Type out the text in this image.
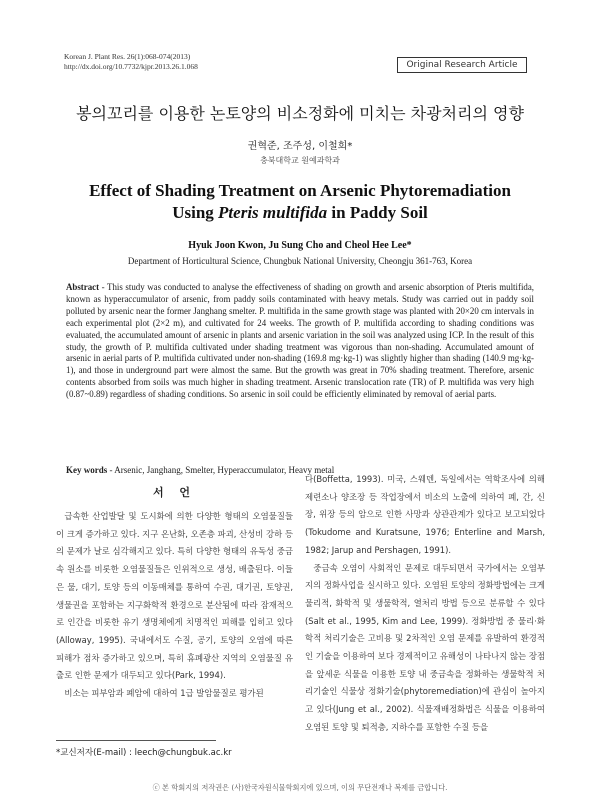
Korean J. Plant Res. 26(1):068-074(2013)
http://dx.doi.org/10.7732/kjpr.2013.26.1.068	Original Research Article
봉의꼬리를 이용한 논토양의 비소정화에 미치는 차광처리의 영향
권혁준, 조주성, 이철희*
충북대학교 원예과학과
Effect of Shading Treatment on Arsenic Phytoremadiation
Using Pteris multifida in Paddy Soil
Hyuk Joon Kwon, Ju Sung Cho and Cheol Hee Lee*
Department of Horticultural Science, Chungbuk National University, Cheongju 361-763, Korea
Abstract - This study was conducted to analyse the effectiveness of shading on growth and arsenic absorption of Pteris multifida, known as hyperaccumulator of arsenic, from paddy soils contaminated with heavy metals. Study was carried out in paddy soil polluted by arsenic near the former Janghang smelter. P. multifida in the same growth stage was planted with 20×20 cm intervals in each experimental plot (2×2 m), and cultivated for 24 weeks. The growth of P. multifida according to shading conditions was evaluated, the accumulated amount of arsenic in plants and arsenic variation in the soil was analyzed using ICP. In the result of this study, the growth of P. multifida cultivated under shading treatment was vigorous than non-shading. Accumulated amount of arsenic in aerial parts of P. multifida cultivated under non-shading (169.8 mg·kg-1) was slightly higher than shading (140.9 mg·kg-1), and those in underground part were almost the same. But the growth was great in 70% shading treatment. Therefore, arsenic contents absorbed from soils was much higher in shading treatment. Arsenic translocation rate (TR) of P. multifida was very high (0.87~0.89) regardless of shading conditions. So arsenic in soil could be efficiently eliminated by removal of aerial parts.
Key words - Arsenic, Janghang, Smelter, Hyperaccumulator, Heavy metal
서 언

급속한 산업발달 및 도시화에 의한 다양한 형태의 오염물질들이 크게 증가하고 있다. 지구 온난화, 오존층 파괴, 산성비 강하 등의 문제가 날로 심각해지고 있다. 특히 다양한 형태의 유독성 중금속 원소를 비롯한 오염물질들은 인위적으로 생성, 배출된다. 이들은 물, 대기, 토양 등의 이동매체를 통하여 수권, 대기권, 토양권, 생물권을 포함하는 지구화학적 환경으로 분산됨에 따라 잠재적으로 인간을 비롯한 유기 생명체에게 치명적인 피해를 입히고 있다(Alloway, 1995). 국내에서도 수질, 공기, 토양의 오염에 따른 피해가 점차 증가하고 있으며, 특히 휴폐광산 지역의 오염물질 유출로 인한 문제가 대두되고 있다(Park, 1994).

비소는 피부암과 폐암에 대하여 1급 발암물질로 평가된

다(Boffetta, 1993). 미국, 스웨덴, 독일에서는 역학조사에 의해 제련소나 양조장 등 작업장에서 비소의 노출에 의하여 폐, 간, 신장, 위장 등의 암으로 인한 사망과 상관관계가 있다고 보고되었다(Tokudome and Kuratsune, 1976; Enterline and Marsh, 1982; Jarup and Pershagen, 1991).

중금속 오염이 사회적인 문제로 대두되면서 국가에서는 오염부지의 정화사업을 실시하고 있다. 오염된 토양의 정화방법에는 크게 물리적, 화학적 및 생물학적, 열처리 방법 등으로 분류할 수 있다(Salt et al., 1995, Kim and Lee, 1999). 정화방법 중 물리·화학적 처리기술은 고비용 및 2차적인 오염 문제를 유발하여 환경적인 기술을 이용하여 보다 경제적이고 유해성이 나타나지 않는 장점을 앞세운 식물을 이용한 토양 내 중금속을 정화하는 생물학적 처리기술인 식물상 정화기술(phytoremediation)에 관심이 높아지고 있다(Jung et al., 2002). 식물재배정화법은 식물을 이용하여 오염된 토양 및 퇴적층, 지하수를 포함한 수질 등을

*교신저자(E-mail) : leech@chungbuk.ac.kr
ⓒ 본 학회지의 저작권은 (사)한국자원식물학회지에 있으며, 이의 무단전재나 복제를 금합니다.
